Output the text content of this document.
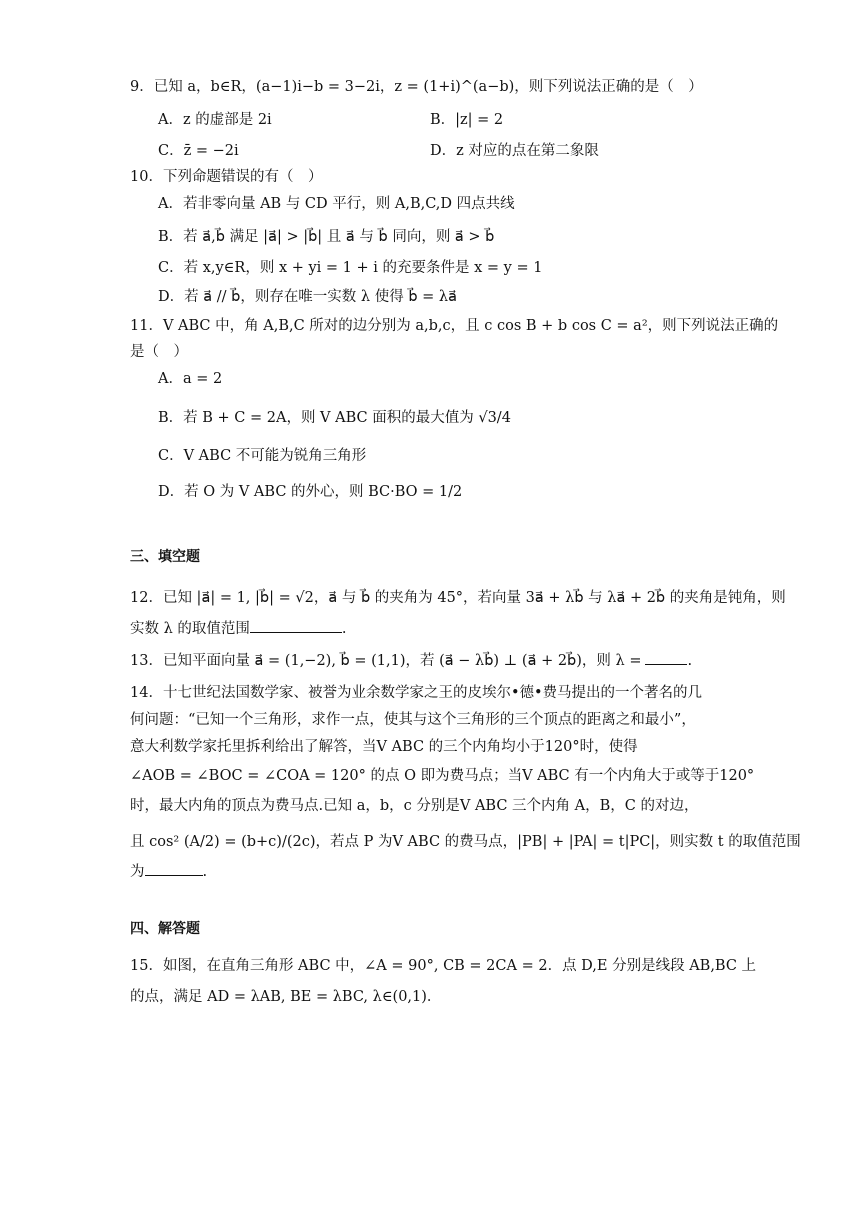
9．已知 a，b∈R，(a−1)i−b = 3−2i，z = (1+i)^(a−b)，则下列说法正确的是（　）
A．z 的虚部是 2i	B．|z| = 2
C．z̄ = −2i	D．z 对应的点在第二象限
10．下列命题错误的有（　）
A．若非零向量 AB 与 CD 平行，则 A,B,C,D 四点共线
B．若 a⃗,b⃗ 满足 |a⃗| > |b⃗| 且 a⃗ 与 b⃗ 同向，则 a⃗ > b⃗
C．若 x,y∈R，则 x + yi = 1 + i 的充要条件是 x = y = 1
D．若 a⃗ // b⃗，则存在唯一实数 λ 使得 b⃗ = λa⃗
11．V ABC 中，角 A,B,C 所对的边分别为 a,b,c，且 c cos B + b cos C = a²，则下列说法正确的
是（　）
A．a = 2
B．若 B + C = 2A，则 V ABC 面积的最大值为 √3/4
C．V ABC 不可能为锐角三角形
D．若 O 为 V ABC 的外心，则 BC·BO = 1/2
三、填空题
12．已知 |a⃗| = 1, |b⃗| = √2，a⃗ 与 b⃗ 的夹角为 45°，若向量 3a⃗ + λb⃗ 与 λa⃗ + 2b⃗ 的夹角是钝角，则
实数 λ 的取值范围	.
13．已知平面向量 a⃗ = (1,−2), b⃗ = (1,1)，若 (a⃗ − λb⃗) ⊥ (a⃗ + 2b⃗)，则 λ =	.
14．十七世纪法国数学家、被誉为业余数学家之王的皮埃尔•德•费马提出的一个著名的几
何问题：“已知一个三角形，求作一点，使其与这个三角形的三个顶点的距离之和最小”，
意大利数学家托里拆利给出了解答，当V ABC 的三个内角均小于120°时，使得
∠AOB = ∠BOC = ∠COA = 120° 的点 O 即为费马点；当V ABC 有一个内角大于或等于120°
时，最大内角的顶点为费马点.已知 a，b，c 分别是V ABC 三个内角 A，B，C 的对边，
且 cos² (A/2) = (b+c)/(2c)，若点 P 为V ABC 的费马点，|PB| + |PA| = t|PC|，则实数 t 的取值范围
为	.
四、解答题
15．如图，在直角三角形 ABC 中，∠A = 90°, CB = 2CA = 2．点 D,E 分别是线段 AB,BC 上
的点，满足 AD = λAB, BE = λBC, λ∈(0,1)．
